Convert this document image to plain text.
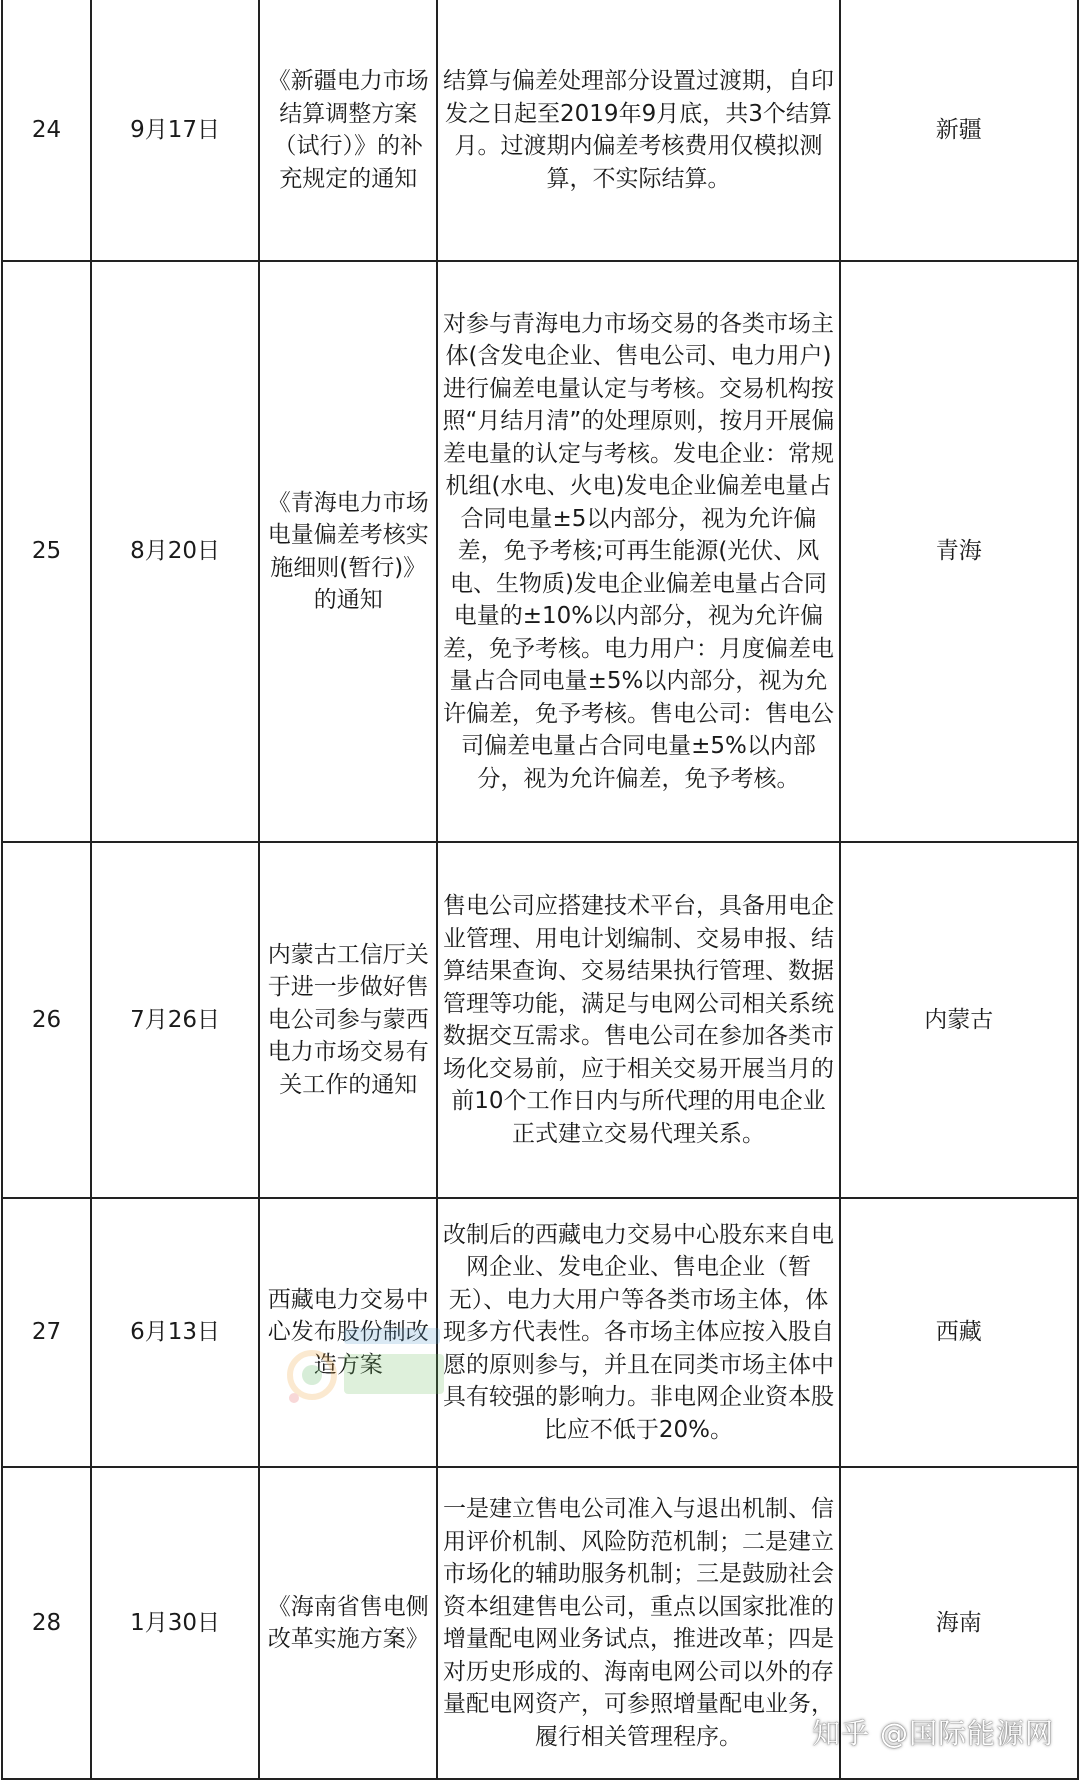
24	9月17日	《新疆电力市场结算调整方案（试行）》的补充规定的通知	结算与偏差处理部分设置过渡期，自印发之日起至2019年9月底，共3个结算月。过渡期内偏差考核费用仅模拟测算，不实际结算。	新疆
25	8月20日	《青海电力市场电量偏差考核实施细则(暂行)》的通知	对参与青海电力市场交易的各类市场主体(含发电企业、售电公司、电力用户)进行偏差电量认定与考核。交易机构按照“月结月清”的处理原则，按月开展偏差电量的认定与考核。发电企业：常规机组(水电、火电)发电企业偏差电量占合同电量±5以内部分，视为允许偏差，免予考核;可再生能源(光伏、风电、生物质)发电企业偏差电量占合同电量的±10%以内部分，视为允许偏差，免予考核。电力用户：月度偏差电量占合同电量±5%以内部分，视为允许偏差，免予考核。售电公司：售电公司偏差电量占合同电量±5%以内部分，视为允许偏差，免予考核。	青海
26	7月26日	内蒙古工信厅关于进一步做好售电公司参与蒙西电力市场交易有关工作的通知	售电公司应搭建技术平台，具备用电企业管理、用电计划编制、交易申报、结算结果查询、交易结果执行管理、数据管理等功能，满足与电网公司相关系统数据交互需求。售电公司在参加各类市场化交易前，应于相关交易开展当月的前10个工作日内与所代理的用电企业正式建立交易代理关系。	内蒙古
27	6月13日	西藏电力交易中心发布股份制改造方案	改制后的西藏电力交易中心股东来自电网企业、发电企业、售电企业（暂无）、电力大用户等各类市场主体，体现多方代表性。各市场主体应按入股自愿的原则参与，并且在同类市场主体中具有较强的影响力。非电网企业资本股比应不低于20%。	西藏
28	1月30日	《海南省售电侧改革实施方案》	一是建立售电公司准入与退出机制、信用评价机制、风险防范机制；二是建立市场化的辅助服务机制；三是鼓励社会资本组建售电公司，重点以国家批准的增量配电网业务试点，推进改革；四是对历史形成的、海南电网公司以外的存量配电网资产，可参照增量配电业务，履行相关管理程序。	海南
知乎 @国际能源网
